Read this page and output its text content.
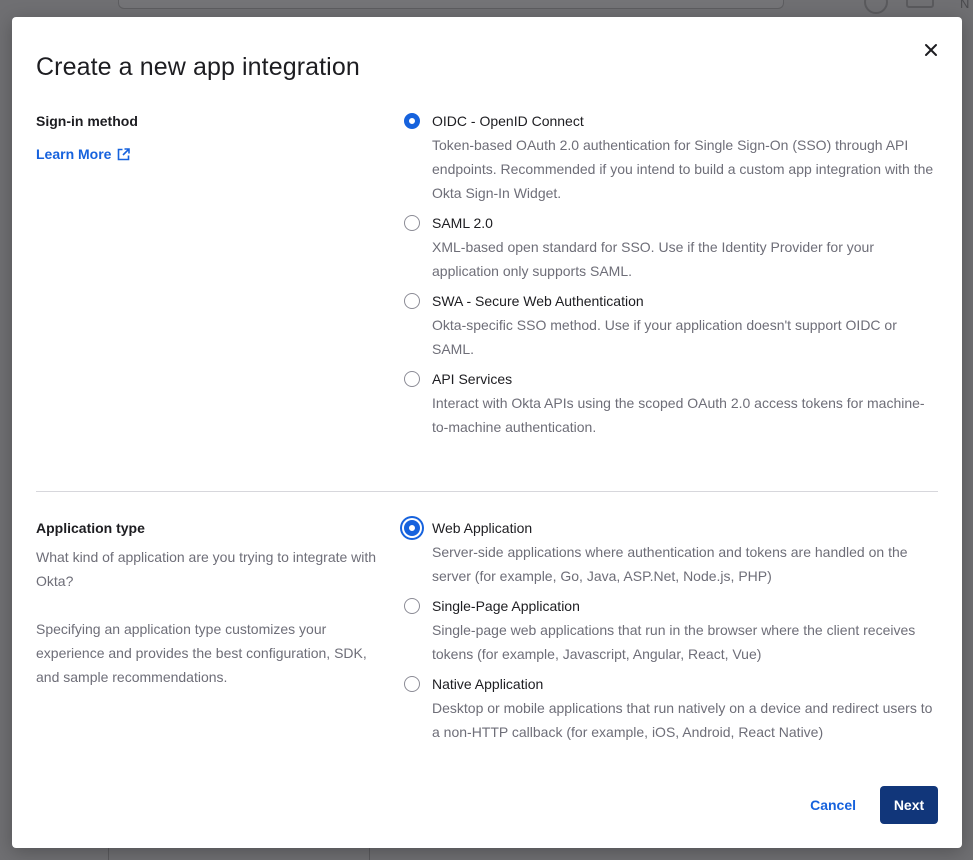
N
Create a new app integration

Sign-in method

Learn More
OIDC - OpenID Connect
Token-based OAuth 2.0 authentication for Single Sign-On (SSO) through API endpoints. Recommended if you intend to build a custom app integration with the Okta Sign-In Widget.
SAML 2.0
XML-based open standard for SSO. Use if the Identity Provider for your application only supports SAML.
SWA - Secure Web Authentication
Okta-specific SSO method. Use if your application doesn't support OIDC or SAML.
API Services
Interact with Okta APIs using the scoped OAuth 2.0 access tokens for machine-to-machine authentication.

Application type

What kind of application are you trying to integrate with Okta?

Specifying an application type customizes your experience and provides the best configuration, SDK, and sample recommendations.

Web Application
Server-side applications where authentication and tokens are handled on the server (for example, Go, Java, ASP.Net, Node.js, PHP)
Single-Page Application
Single-page web applications that run in the browser where the client receives tokens (for example, Javascript, Angular, React, Vue)
Native Application
Desktop or mobile applications that run natively on a device and redirect users to a non-HTTP callback (for example, iOS, Android, React Native)
Cancel	Next
